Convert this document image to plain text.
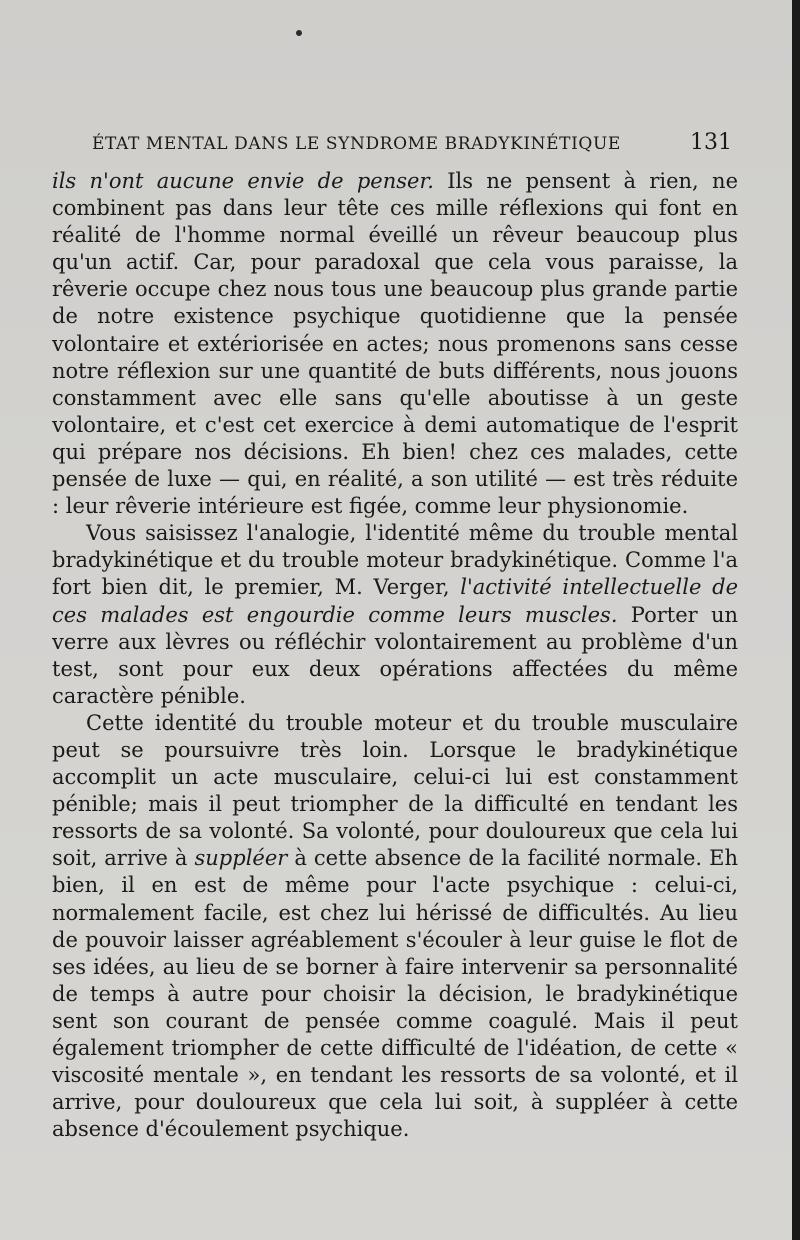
ÉTAT MENTAL DANS LE SYNDROME BRADYKINÉTIQUE	131

ils n'ont aucune envie de penser. Ils ne pensent à rien, ne combinent pas dans leur tête ces mille réflexions qui font en réalité de l'homme normal éveillé un rêveur beaucoup plus qu'un actif. Car, pour paradoxal que cela vous paraisse, la rêverie occupe chez nous tous une beaucoup plus grande partie de notre existence psychique quotidienne que la pensée volontaire et extériorisée en actes; nous promenons sans cesse notre réflexion sur une quantité de buts différents, nous jouons constamment avec elle sans qu'elle aboutisse à un geste volontaire, et c'est cet exercice à demi automatique de l'esprit qui prépare nos décisions. Eh bien! chez ces malades, cette pensée de luxe — qui, en réalité, a son utilité — est très réduite : leur rêverie intérieure est figée, comme leur physionomie.

Vous saisissez l'analogie, l'identité même du trouble mental bradykinétique et du trouble moteur bradykinétique. Comme l'a fort bien dit, le premier, M. Verger, l'activité intellectuelle de ces malades est engourdie comme leurs muscles. Porter un verre aux lèvres ou réfléchir volontairement au problème d'un test, sont pour eux deux opérations affectées du même caractère pénible.

Cette identité du trouble moteur et du trouble musculaire peut se poursuivre très loin. Lorsque le bradykinétique accomplit un acte musculaire, celui-ci lui est constamment pénible; mais il peut triompher de la difficulté en tendant les ressorts de sa volonté. Sa volonté, pour douloureux que cela lui soit, arrive à suppléer à cette absence de la facilité normale. Eh bien, il en est de même pour l'acte psychique : celui-ci, normalement facile, est chez lui hérissé de difficultés. Au lieu de pouvoir laisser agréablement s'écouler à leur guise le flot de ses idées, au lieu de se borner à faire intervenir sa personnalité de temps à autre pour choisir la décision, le bradykinétique sent son courant de pensée comme coagulé. Mais il peut également triompher de cette difficulté de l'idéation, de cette « viscosité mentale », en tendant les ressorts de sa volonté, et il arrive, pour douloureux que cela lui soit, à suppléer à cette absence d'écoulement psychique.
